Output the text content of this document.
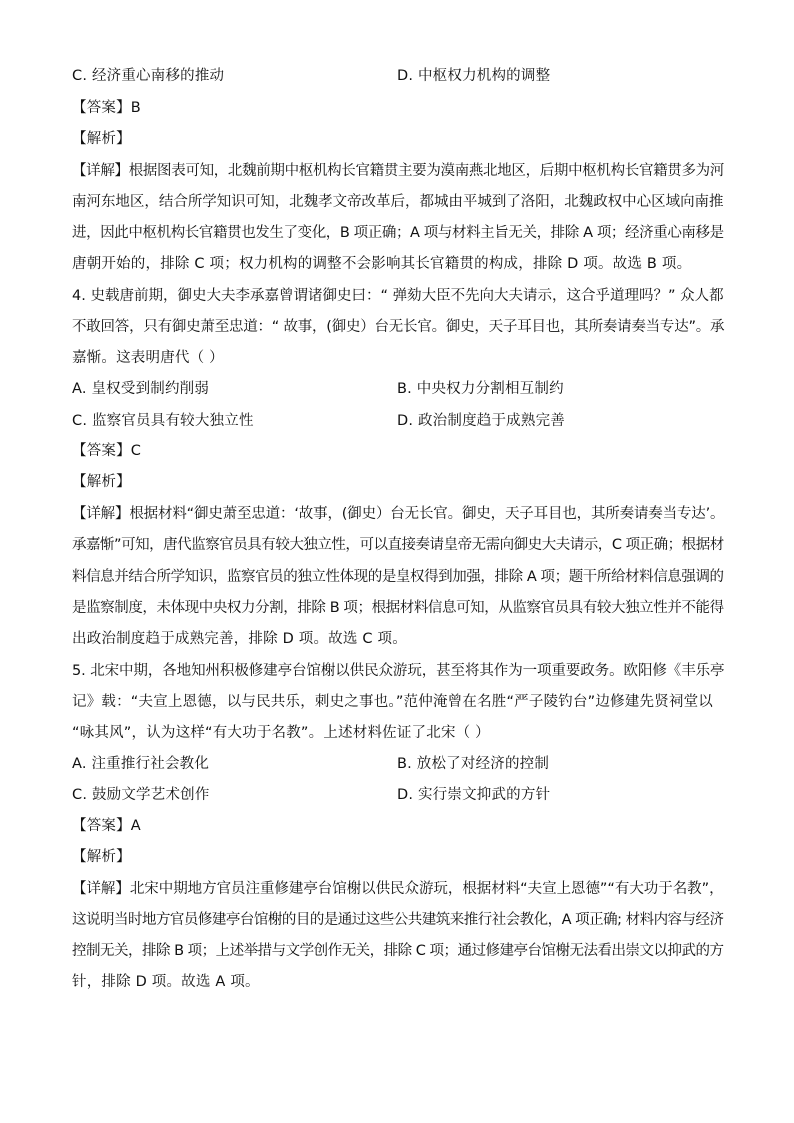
C. 经济重心南移的推动	D. 中枢权力机构的调整
【答案】B
【解析】
【详解】根据图表可知，北魏前期中枢机构长官籍贯主要为漠南燕北地区，后期中枢机构长官籍贯多为河
南河东地区，结合所学知识可知，北魏孝文帝改革后，都城由平城到了洛阳，北魏政权中心区域向南推
进，因此中枢机构长官籍贯也发生了变化，B 项正确；A 项与材料主旨无关，排除 A 项；经济重心南移是
唐朝开始的，排除 C 项；权力机构的调整不会影响其长官籍贯的构成，排除 D 项。故选 B 项。
4. 史载唐前期，御史大夫李承嘉曾谓诸御史曰：“ 弹劾大臣不先向大夫请示，这合乎道理吗？” 众人都
不敢回答，只有御史萧至忠道：“ 故事，(御史）台无长官。御史，天子耳目也，其所奏请奏当专达”。承
嘉惭。这表明唐代（ ）
A. 皇权受到制约削弱	B. 中央权力分割相互制约
C. 监察官员具有较大独立性	D. 政治制度趋于成熟完善
【答案】C
【解析】
【详解】根据材料“御史萧至忠道：‘故事，(御史）台无长官。御史，天子耳目也，其所奏请奏当专达’。
承嘉惭”可知，唐代监察官员具有较大独立性，可以直接奏请皇帝无需向御史大夫请示，C 项正确；根据材
料信息并结合所学知识，监察官员的独立性体现的是皇权得到加强，排除 A 项；题干所给材料信息强调的
是监察制度，未体现中央权力分割，排除 B 项；根据材料信息可知，从监察官员具有较大独立性并不能得
出政治制度趋于成熟完善，排除 D 项。故选 C 项。
5. 北宋中期，各地知州积极修建亭台馆榭以供民众游玩，甚至将其作为一项重要政务。欧阳修《丰乐亭
记》载：“夫宣上恩德，以与民共乐，刺史之事也。”范仲淹曾在名胜“严子陵钓台”边修建先贤祠堂以
“咏其风”，认为这样“有大功于名教”。上述材料佐证了北宋（ ）
A. 注重推行社会教化	B. 放松了对经济的控制
C. 鼓励文学艺术创作	D. 实行崇文抑武的方针
【答案】A
【解析】
【详解】北宋中期地方官员注重修建亭台馆榭以供民众游玩，根据材料“夫宣上恩德”“有大功于名教”，
这说明当时地方官员修建亭台馆榭的目的是通过这些公共建筑来推行社会教化，A 项正确; 材料内容与经济
控制无关，排除 B 项；上述举措与文学创作无关，排除 C 项；通过修建亭台馆榭无法看出崇文以抑武的方
针，排除 D 项。故选 A 项。
